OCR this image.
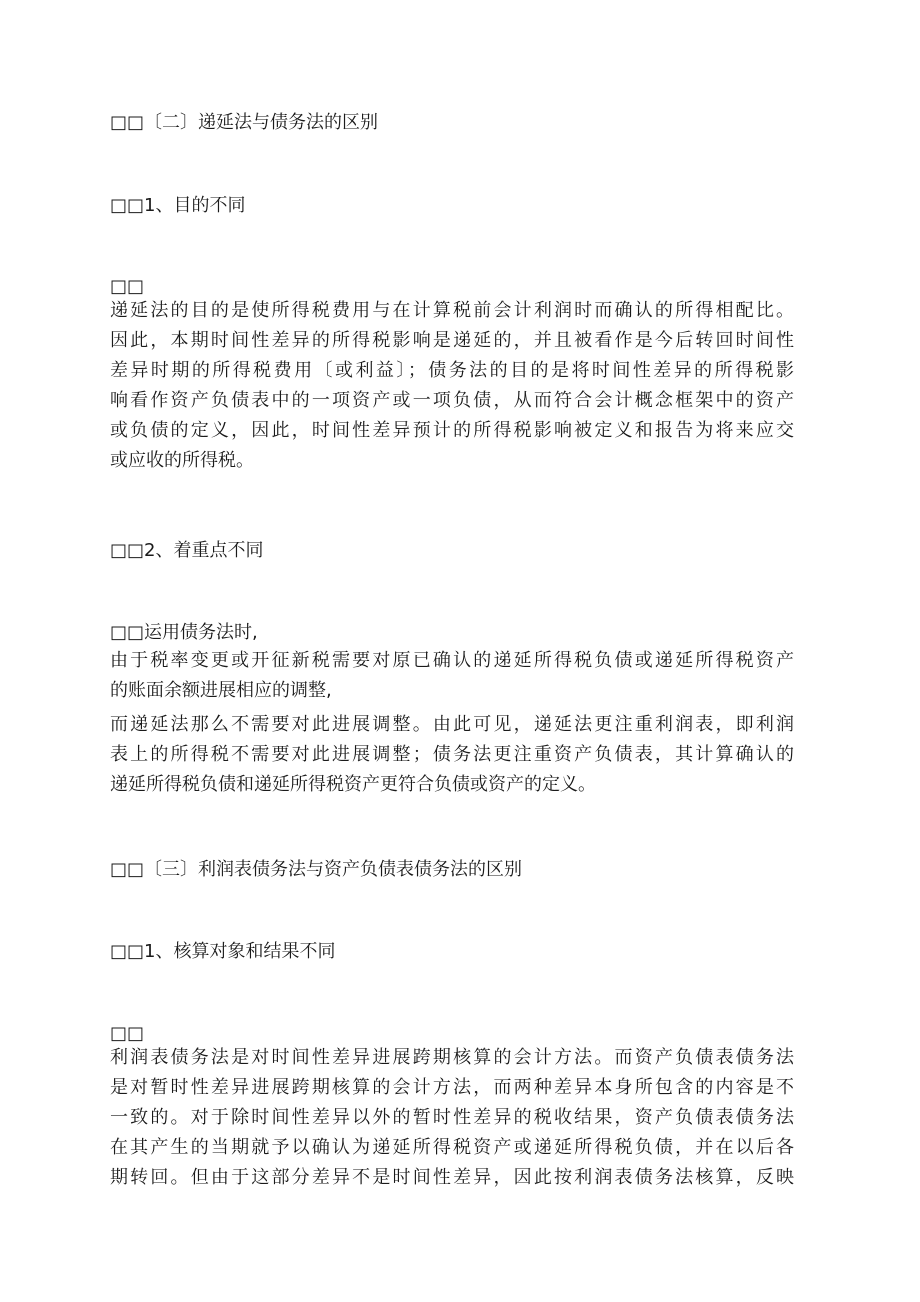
□□〔二〕递延法与债务法的区别
□□1、目的不同
□□
递延法的目的是使所得税费用与在计算税前会计利润时而确认的所得相配比。
因此，本期时间性差异的所得税影响是递延的，并且被看作是今后转回时间性
差异时期的所得税费用〔或利益〕；债务法的目的是将时间性差异的所得税影
响看作资产负债表中的一项资产或一项负债，从而符合会计概念框架中的资产
或负债的定义，因此，时间性差异预计的所得税影响被定义和报告为将来应交
或应收的所得税。
□□2、着重点不同
□□运用债务法时,
由于税率变更或开征新税需要对原已确认的递延所得税负债或递延所得税资产
的账面余额进展相应的调整,
而递延法那么不需要对此进展调整。由此可见，递延法更注重利润表，即利润
表上的所得税不需要对此进展调整；债务法更注重资产负债表，其计算确认的
递延所得税负债和递延所得税资产更符合负债或资产的定义。
□□〔三〕利润表债务法与资产负债表债务法的区别
□□1、核算对象和结果不同
□□
利润表债务法是对时间性差异进展跨期核算的会计方法。而资产负债表债务法
是对暂时性差异进展跨期核算的会计方法，而两种差异本身所包含的内容是不
一致的。对于除时间性差异以外的暂时性差异的税收结果，资产负债表债务法
在其产生的当期就予以确认为递延所得税资产或递延所得税负债，并在以后各
期转回。但由于这部分差异不是时间性差异，因此按利润表债务法核算，反映
